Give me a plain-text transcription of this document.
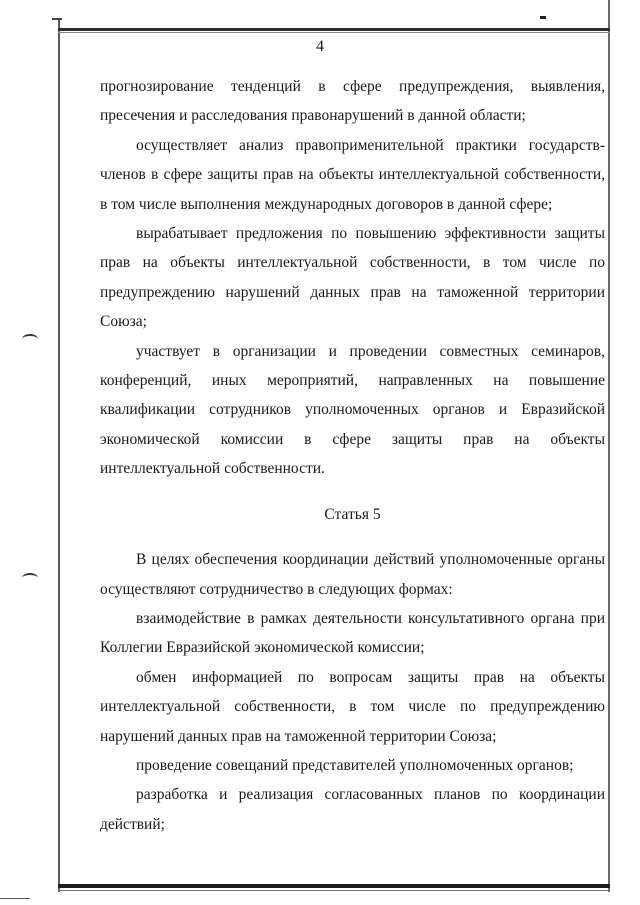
4

прогнозирование тенденций в сфере предупреждения, выявления, пресечения и расследования правонарушений в данной области;

осуществляет анализ правоприменительной практики государств-членов в сфере защиты прав на объекты интеллектуальной собственности, в том числе выполнения международных договоров в данной сфере;

вырабатывает предложения по повышению эффективности защиты прав на объекты интеллектуальной собственности, в том числе по предупреждению нарушений данных прав на таможенной территории Союза;

участвует в организации и проведении совместных семинаров, конференций, иных мероприятий, направленных на повышение квалификации сотрудников уполномоченных органов и Евразийской экономической комиссии в сфере защиты прав на объекты интеллектуальной собственности.

Статья 5

В целях обеспечения координации действий уполномоченные органы осуществляют сотрудничество в следующих формах:

взаимодействие в рамках деятельности консультативного органа при Коллегии Евразийской экономической комиссии;

обмен информацией по вопросам защиты прав на объекты интеллектуальной собственности, в том числе по предупреждению нарушений данных прав на таможенной территории Союза;

проведение совещаний представителей уполномоченных органов;

разработка и реализация согласованных планов по координации действий;
